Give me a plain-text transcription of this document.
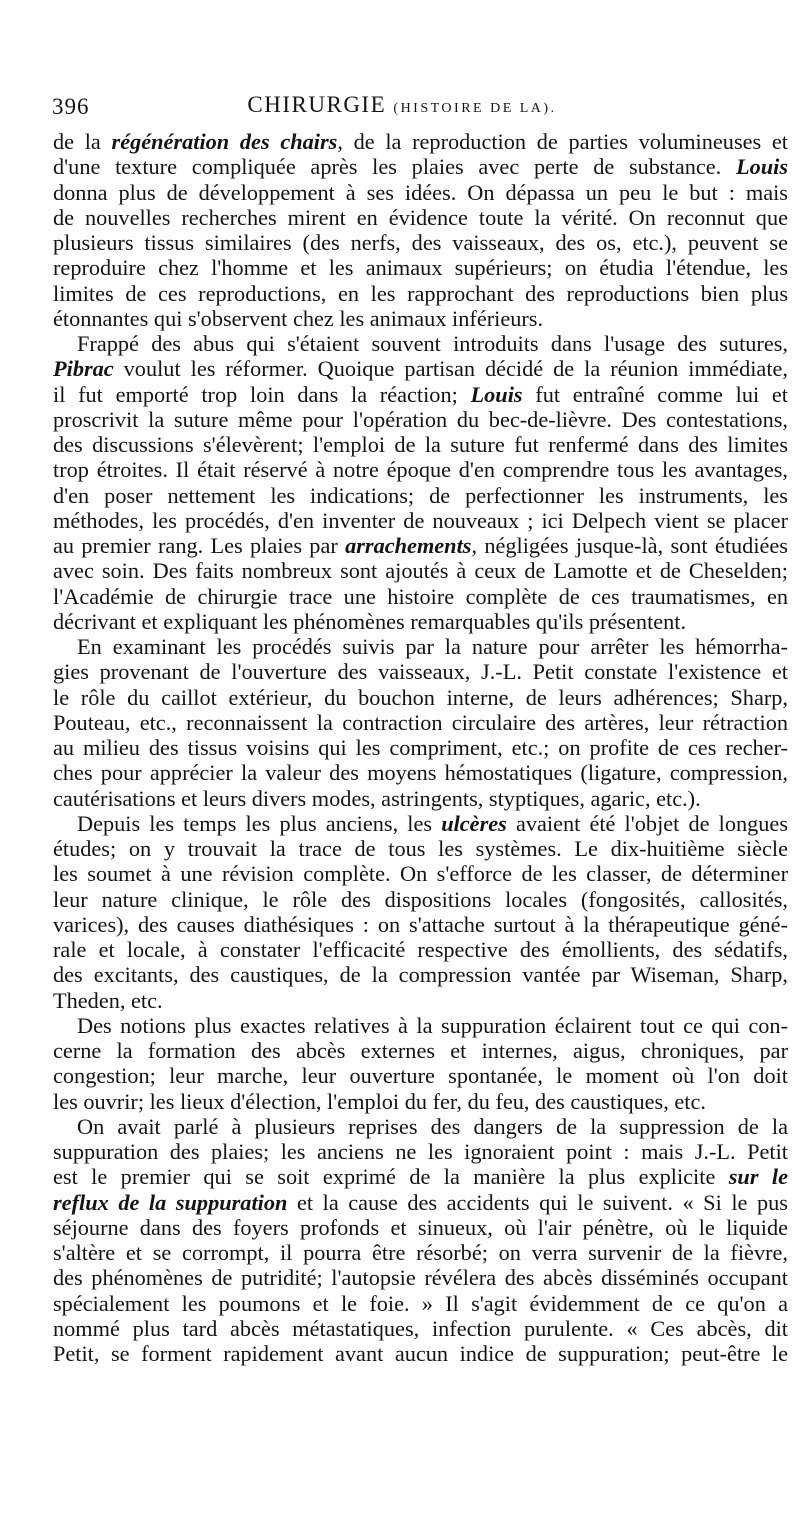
396	CHIRURGIE (HISTOIRE DE LA).
de la régénération des chairs, de la reproduction de parties volumineuses et
d'une texture compliquée après les plaies avec perte de substance. Louis
donna plus de développement à ses idées. On dépassa un peu le but : mais
de nouvelles recherches mirent en évidence toute la vérité. On reconnut que
plusieurs tissus similaires (des nerfs, des vaisseaux, des os, etc.), peuvent se
reproduire chez l'homme et les animaux supérieurs; on étudia l'étendue, les
limites de ces reproductions, en les rapprochant des reproductions bien plus
étonnantes qui s'observent chez les animaux inférieurs.
Frappé des abus qui s'étaient souvent introduits dans l'usage des sutures,
Pibrac voulut les réformer. Quoique partisan décidé de la réunion immédiate,
il fut emporté trop loin dans la réaction; Louis fut entraîné comme lui et
proscrivit la suture même pour l'opération du bec-de-lièvre. Des contestations,
des discussions s'élevèrent; l'emploi de la suture fut renfermé dans des limites
trop étroites. Il était réservé à notre époque d'en comprendre tous les avantages,
d'en poser nettement les indications; de perfectionner les instruments, les
méthodes, les procédés, d'en inventer de nouveaux ; ici Delpech vient se placer
au premier rang. Les plaies par arrachements, négligées jusque-là, sont étudiées
avec soin. Des faits nombreux sont ajoutés à ceux de Lamotte et de Cheselden;
l'Académie de chirurgie trace une histoire complète de ces traumatismes, en
décrivant et expliquant les phénomènes remarquables qu'ils présentent.
En examinant les procédés suivis par la nature pour arrêter les hémorrha-
gies provenant de l'ouverture des vaisseaux, J.-L. Petit constate l'existence et
le rôle du caillot extérieur, du bouchon interne, de leurs adhérences; Sharp,
Pouteau, etc., reconnaissent la contraction circulaire des artères, leur rétraction
au milieu des tissus voisins qui les compriment, etc.; on profite de ces recher-
ches pour apprécier la valeur des moyens hémostatiques (ligature, compression,
cautérisations et leurs divers modes, astringents, styptiques, agaric, etc.).
Depuis les temps les plus anciens, les ulcères avaient été l'objet de longues
études; on y trouvait la trace de tous les systèmes. Le dix-huitième siècle
les soumet à une révision complète. On s'efforce de les classer, de déterminer
leur nature clinique, le rôle des dispositions locales (fongosités, callosités,
varices), des causes diathésiques : on s'attache surtout à la thérapeutique géné-
rale et locale, à constater l'efficacité respective des émollients, des sédatifs,
des excitants, des caustiques, de la compression vantée par Wiseman, Sharp,
Theden, etc.
Des notions plus exactes relatives à la suppuration éclairent tout ce qui con-
cerne la formation des abcès externes et internes, aigus, chroniques, par
congestion; leur marche, leur ouverture spontanée, le moment où l'on doit
les ouvrir; les lieux d'élection, l'emploi du fer, du feu, des caustiques, etc.
On avait parlé à plusieurs reprises des dangers de la suppression de la
suppuration des plaies; les anciens ne les ignoraient point : mais J.-L. Petit
est le premier qui se soit exprimé de la manière la plus explicite sur le
reflux de la suppuration et la cause des accidents qui le suivent. « Si le pus
séjourne dans des foyers profonds et sinueux, où l'air pénètre, où le liquide
s'altère et se corrompt, il pourra être résorbé; on verra survenir de la fièvre,
des phénomènes de putridité; l'autopsie révélera des abcès disséminés occupant
spécialement les poumons et le foie. » Il s'agit évidemment de ce qu'on a
nommé plus tard abcès métastatiques, infection purulente. « Ces abcès, dit
Petit, se forment rapidement avant aucun indice de suppuration; peut-être le
